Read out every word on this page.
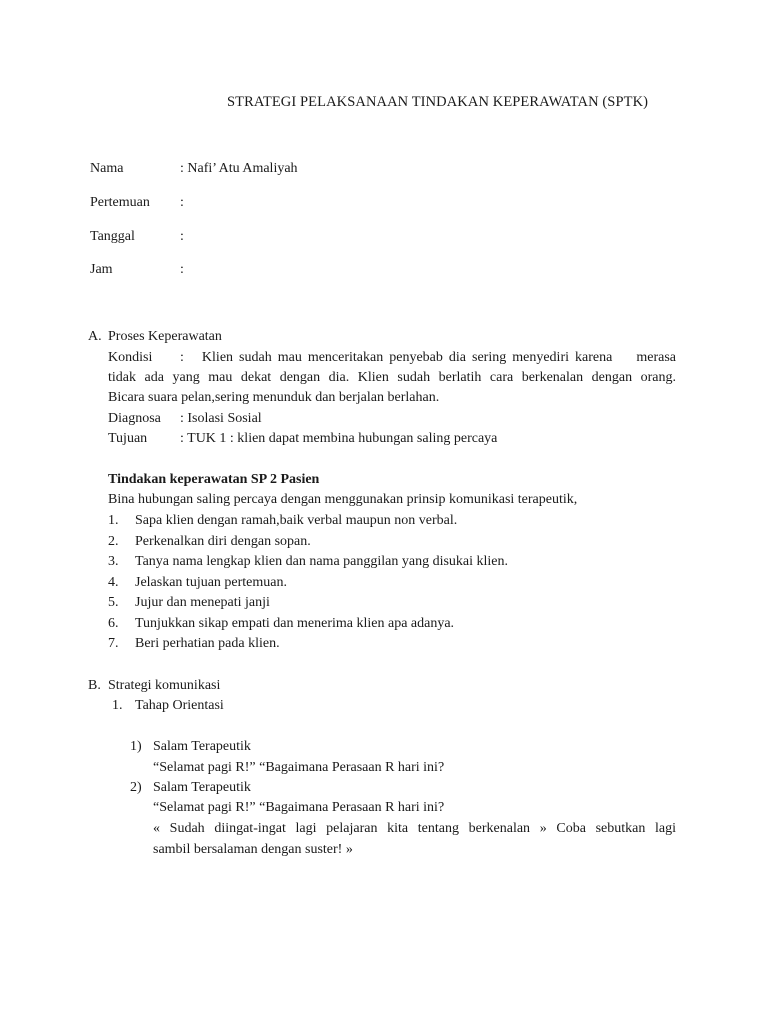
STRATEGI PELAKSANAAN TINDAKAN KEPERAWATAN (SPTK)
Nama	: Nafi’ Atu Amaliyah
Pertemuan :
Tanggal	:
Jam	:
A. Proses Keperawatan
Kondisi :   Klien sudah mau menceritakan penyebab dia sering menyediri karena    merasa
tidak ada yang mau dekat dengan dia. Klien sudah berlatih cara berkenalan dengan orang.
Bicara suara pelan,sering menunduk dan berjalan berlahan.
Diagnosa : Isolasi Sosial
Tujuan : TUK 1 : klien dapat membina hubungan saling percaya
Tindakan keperawatan SP 2 Pasien
Bina hubungan saling percaya dengan menggunakan prinsip komunikasi terapeutik,
1. Sapa klien dengan ramah,baik verbal maupun non verbal.
2. Perkenalkan diri dengan sopan.
3. Tanya nama lengkap klien dan nama panggilan yang disukai klien.
4. Jelaskan tujuan pertemuan.
5. Jujur dan menepati janji
6. Tunjukkan sikap empati dan menerima klien apa adanya.
7. Beri perhatian pada klien.
B. Strategi komunikasi
1. Tahap Orientasi
1) Salam Terapeutik
“Selamat pagi R!” “Bagaimana Perasaan R hari ini?
2) Salam Terapeutik
“Selamat pagi R!” “Bagaimana Perasaan R hari ini?
« Sudah diingat-ingat lagi pelajaran kita tentang berkenalan » Coba sebutkan lagi
sambil bersalaman dengan suster! »
